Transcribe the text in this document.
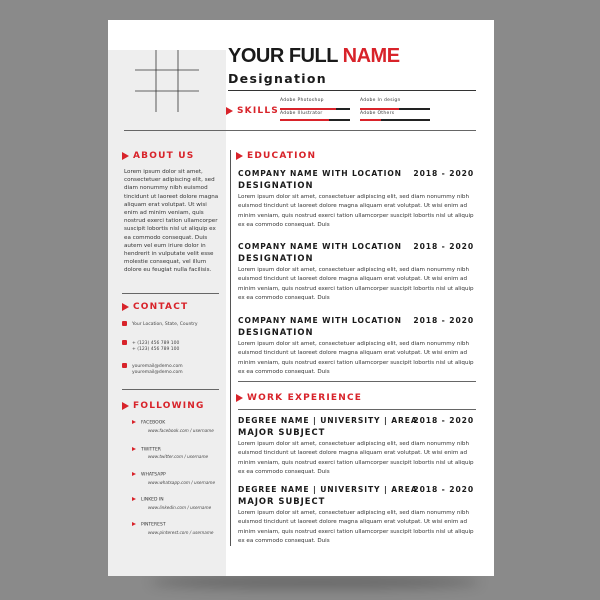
YOUR FULL NAME
Designation
SKILLS
Adobe Photoshop	Adobe In design
Adobe Illustrator	Adobe Others
ABOUT US
Lorem ipsum dolor sit amet, consectetuer adipiscing elit, sed diam nonummy nibh euismod tincidunt ut laoreet dolore magna aliquam erat volutpat. Ut wisi enim ad minim veniam, quis nostrud exerci tation ullamcorper suscipit lobortis nisl ut aliquip ex ea commodo consequat. Duis autem vel eum iriure dolor in hendrerit in vulputate velit esse molestie consequat, vel illum dolore eu feugiat nulla facilisis.
CONTACT
Your Location, State, Country
+ (123) 456 789 100
+ (123) 456 789 100
youremail@demo.com
youremail@demo.com
FOLLOWING
FACEBOOK
www.facebook.com / username
TWITTER
www.twitter.com / username
WHATSAPP
www.whatsapp.com / username
LINKED IN
www.linkedin.com / username
PINTEREST
www.pinterest.com / username
EDUCATION
COMPANY NAME WITH LOCATION 2018 - 2020
DESIGNATION
Lorem ipsum dolor sit amet, consectetuer adipiscing elit, sed diam nonummy nibh euismod tincidunt ut laoreet dolore magna aliquam erat volutpat. Ut wisi enim ad minim veniam, quis nostrud exerci tation ullamcorper suscipit lobortis nisl ut aliquip ex ea commodo consequat. Duis
COMPANY NAME WITH LOCATION 2018 - 2020
DESIGNATION
Lorem ipsum dolor sit amet, consectetuer adipiscing elit, sed diam nonummy nibh euismod tincidunt ut laoreet dolore magna aliquam erat volutpat. Ut wisi enim ad minim veniam, quis nostrud exerci tation ullamcorper suscipit lobortis nisl ut aliquip ex ea commodo consequat. Duis
COMPANY NAME WITH LOCATION 2018 - 2020
DESIGNATION
Lorem ipsum dolor sit amet, consectetuer adipiscing elit, sed diam nonummy nibh euismod tincidunt ut laoreet dolore magna aliquam erat volutpat. Ut wisi enim ad minim veniam, quis nostrud exerci tation ullamcorper suscipit lobortis nisl ut aliquip ex ea commodo consequat. Duis
WORK EXPERIENCE
DEGREE NAME | UNIVERSITY | AREA
2018 - 2020
MAJOR SUBJECT
Lorem ipsum dolor sit amet, consectetuer adipiscing elit, sed diam nonummy nibh euismod tincidunt ut laoreet dolore magna aliquam erat volutpat. Ut wisi enim ad minim veniam, quis nostrud exerci tation ullamcorper suscipit lobortis nisl ut aliquip ex ea commodo consequat. Duis
DEGREE NAME | UNIVERSITY | AREA
2018 - 2020
MAJOR SUBJECT
Lorem ipsum dolor sit amet, consectetuer adipiscing elit, sed diam nonummy nibh euismod tincidunt ut laoreet dolore magna aliquam erat volutpat. Ut wisi enim ad minim veniam, quis nostrud exerci tation ullamcorper suscipit lobortis nisl ut aliquip ex ea commodo consequat. Duis
